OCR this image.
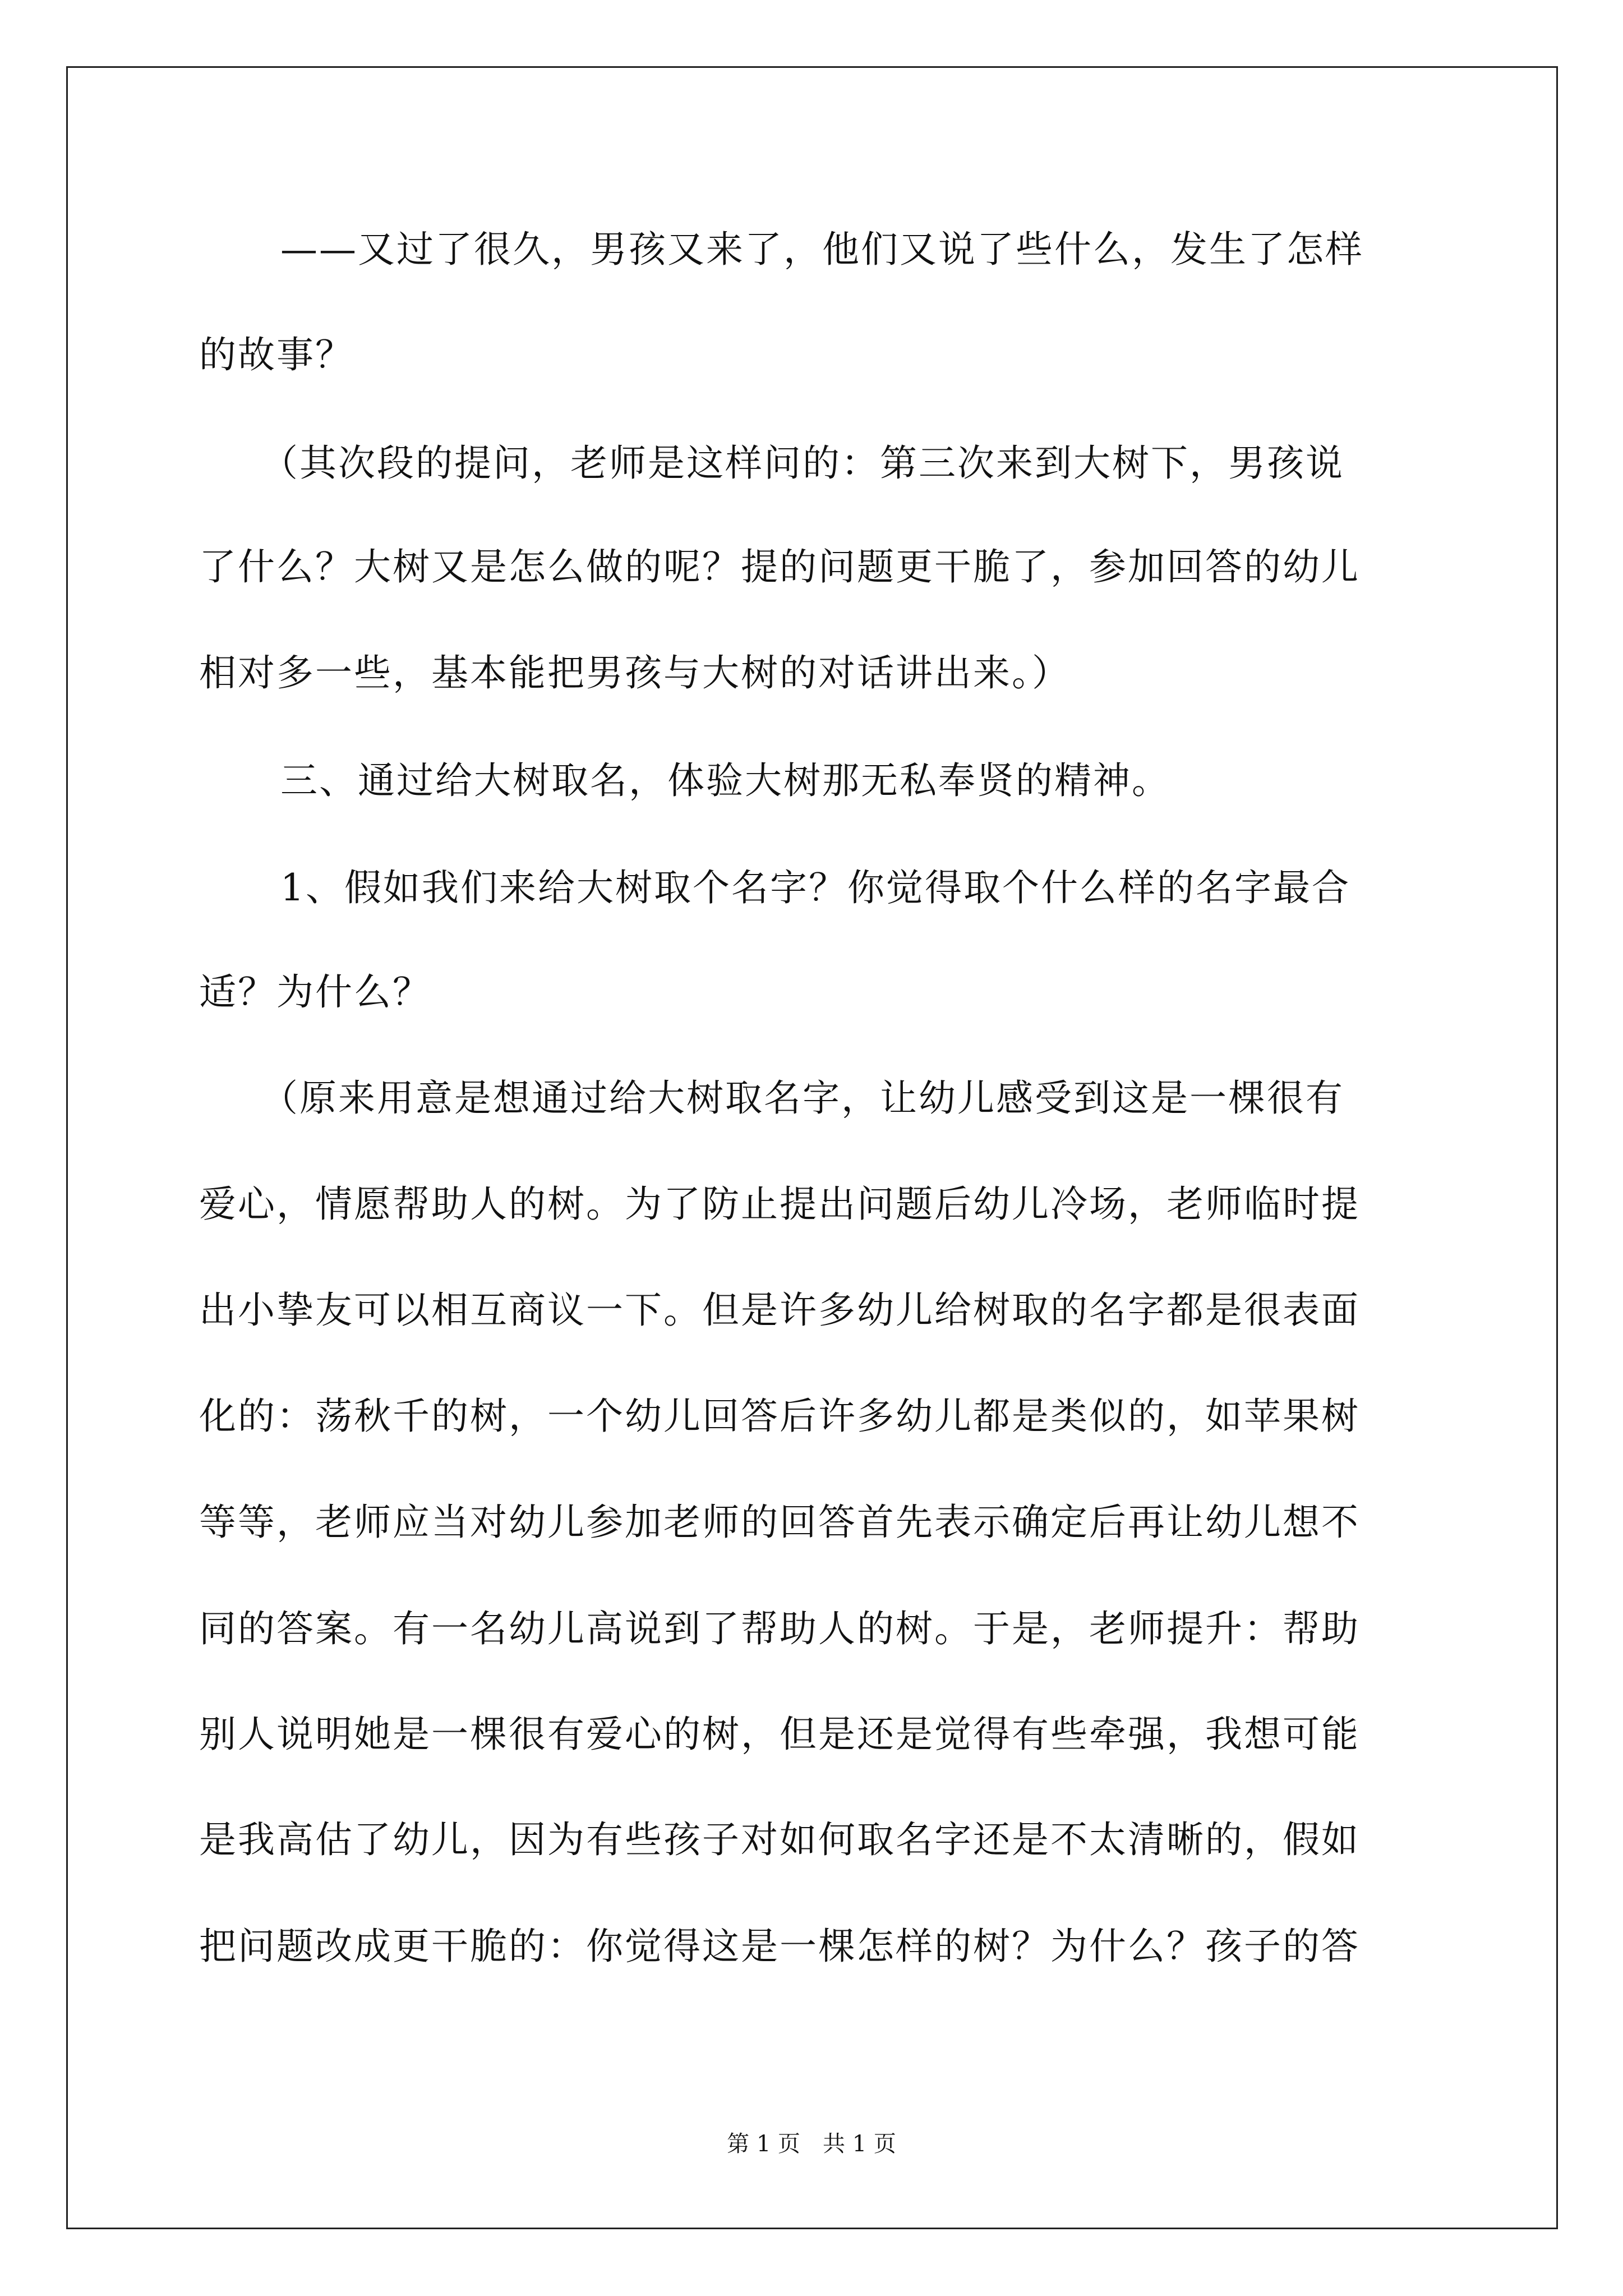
——又过了很久，男孩又来了，他们又说了些什么，发生了怎样
的故事？
（其次段的提问，老师是这样问的：第三次来到大树下，男孩说
了什么？大树又是怎么做的呢？提的问题更干脆了，参加回答的幼儿
相对多一些，基本能把男孩与大树的对话讲出来。）
三、通过给大树取名，体验大树那无私奉贤的精神。
1、假如我们来给大树取个名字？你觉得取个什么样的名字最合
适？为什么？
（原来用意是想通过给大树取名字，让幼儿感受到这是一棵很有
爱心，情愿帮助人的树。为了防止提出问题后幼儿冷场，老师临时提
出小挚友可以相互商议一下。但是许多幼儿给树取的名字都是很表面
化的：荡秋千的树，一个幼儿回答后许多幼儿都是类似的，如苹果树
等等，老师应当对幼儿参加老师的回答首先表示确定后再让幼儿想不
同的答案。有一名幼儿高说到了帮助人的树。于是，老师提升：帮助
别人说明她是一棵很有爱心的树，但是还是觉得有些牵强，我想可能
是我高估了幼儿，因为有些孩子对如何取名字还是不太清晰的，假如
把问题改成更干脆的：你觉得这是一棵怎样的树？为什么？孩子的答
第 1 页　共 1 页
